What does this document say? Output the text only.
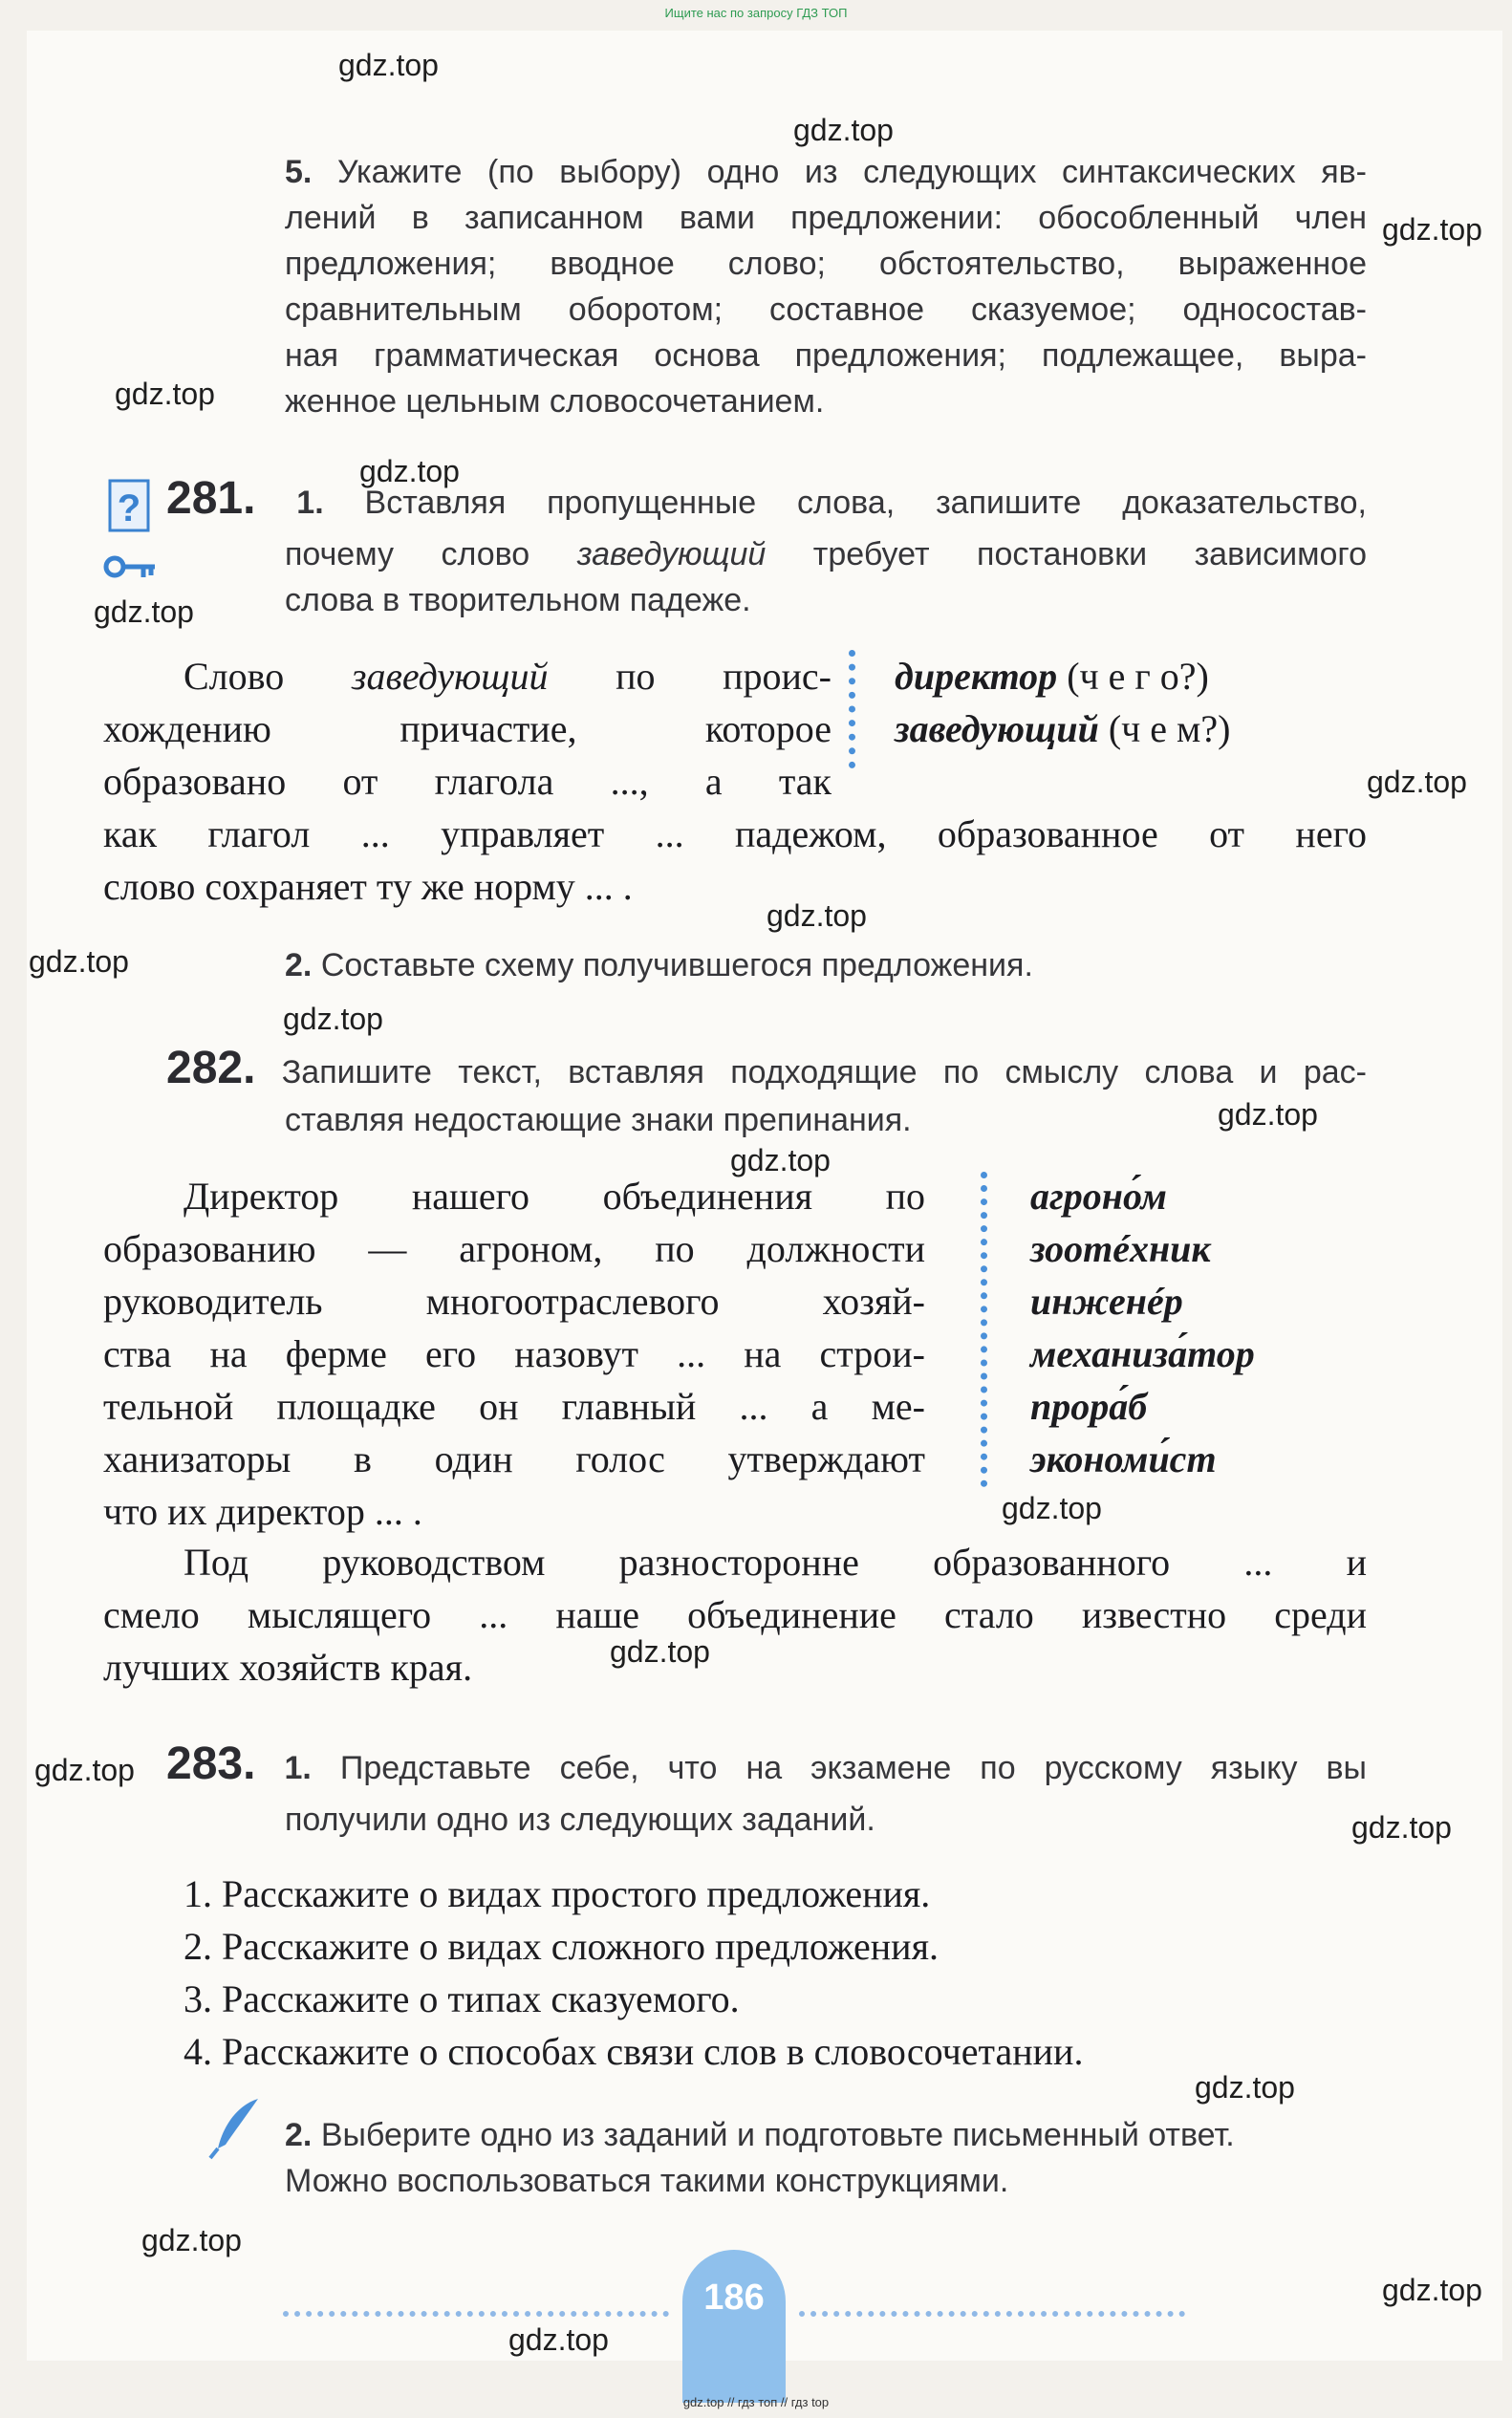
Ищите нас по запросу ГДЗ ТОП
gdz.top
gdz.top
gdz.top
gdz.top
gdz.top
gdz.top
gdz.top
gdz.top
gdz.top
gdz.top
gdz.top
gdz.top
gdz.top
gdz.top
gdz.top
gdz.top
gdz.top
gdz.top
gdz.top
gdz.top
5. Укажите (по выбору) одно из следующих синтаксических яв-
лений в записанном вами предложении: обособленный член
предложения; вводное слово; обстоятельство, выраженное
сравнительным оборотом; составное сказуемое; односостав-
ная грамматическая основа предложения; подлежащее, выра-
женное цельным словосочетанием.
? 281. 1. Вставляя пропущенные слова, запишите доказательство,
почему слово заведующий требует постановки зависимого
слова в творительном падеже.
Слово заведующий по проис-
хождению причастие, которое
образовано от глагола ..., а так
директор (ч е г о?)
заведующий (ч е м?)
как глагол ... управляет ... падежом, образованное от него
слово сохраняет ту же норму ... .
2. Составьте схему получившегося предложения.
282. Запишите текст, вставляя подходящие по смыслу слова и рас-
ставляя недостающие знаки препинания.
Директор нашего объединения по
образованию — агроном, по должности
руководитель многоотраслевого хозяй-
ства на ферме его назовут ... на строи-
тельной площадке он главный ... а ме-
ханизаторы в один голос утверждают
что их директор ... .
агроно́м
зоотéхник
инженéр
механиза́тор
пpopа́б
экономи́ст
Под руководством разносторонне образованного ... и
смело мыслящего ... наше объединение стало известно среди
лучших хозяйств края.
283. 1. Представьте себе, что на экзамене по русскому языку вы
получили одно из следующих заданий.
1. Расскажите о видах простого предложения.
2. Расскажите о видах сложного предложения.
3. Расскажите о типах сказуемого.
4. Расскажите о способах связи слов в словосочетании.
2. Выберите одно из заданий и подготовьте письменный ответ.
Можно воспользоваться такими конструкциями.
186
gdz.top // гдз топ // гдз top
